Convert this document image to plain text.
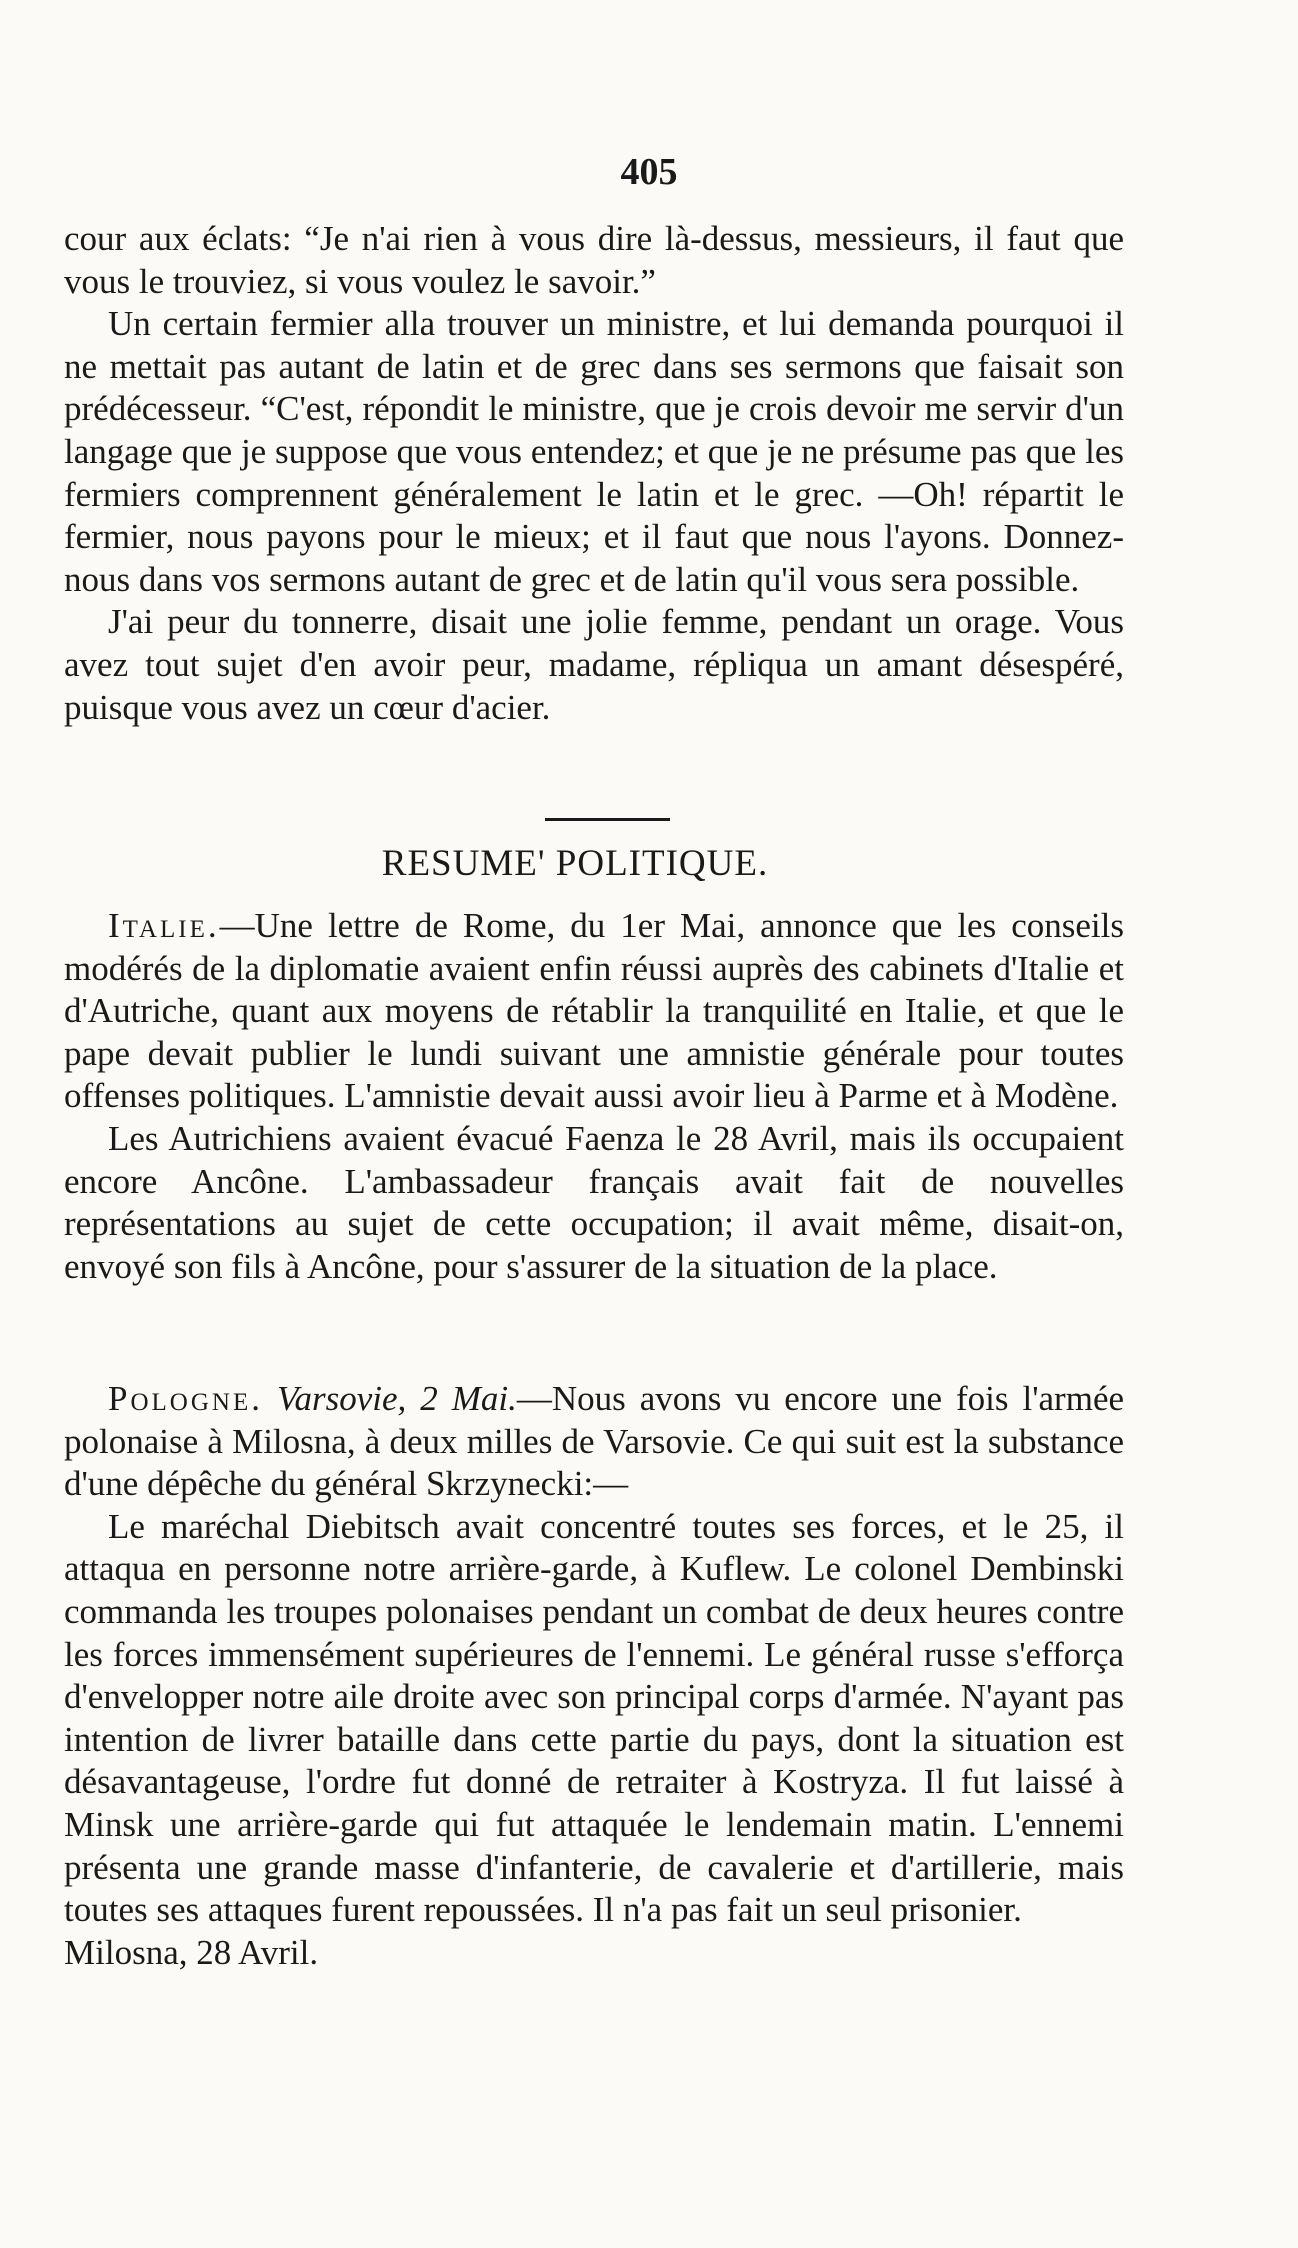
405

cour aux éclats: “Je n'ai rien à vous dire là-dessus, messieurs, il faut que vous le trouviez, si vous voulez le savoir.”

Un certain fermier alla trouver un ministre, et lui demanda pourquoi il ne mettait pas autant de latin et de grec dans ses sermons que faisait son prédécesseur. “C'est, répondit le ministre, que je crois devoir me servir d'un langage que je suppose que vous entendez; et que je ne présume pas que les fermiers comprennent généralement le latin et le grec. —Oh! répartit le fermier, nous payons pour le mieux; et il faut que nous l'ayons. Donnez-nous dans vos sermons autant de grec et de latin qu'il vous sera possible.

J'ai peur du tonnerre, disait une jolie femme, pendant un orage. Vous avez tout sujet d'en avoir peur, madame, répliqua un amant désespéré, puisque vous avez un cœur d'acier.

RESUME' POLITIQUE.

Italie.—Une lettre de Rome, du 1er Mai, annonce que les conseils modérés de la diplomatie avaient enfin réussi auprès des cabinets d'Italie et d'Autriche, quant aux moyens de rétablir la tranquilité en Italie, et que le pape devait publier le lundi suivant une amnistie générale pour toutes offenses politiques. L'amnistie devait aussi avoir lieu à Parme et à Modène.

Les Autrichiens avaient évacué Faenza le 28 Avril, mais ils occupaient encore Ancône. L'ambassadeur français avait fait de nouvelles représentations au sujet de cette occupation; il avait même, disait-on, envoyé son fils à Ancône, pour s'assurer de la situation de la place.

Pologne. Varsovie, 2 Mai.—Nous avons vu encore une fois l'armée polonaise à Milosna, à deux milles de Varsovie. Ce qui suit est la substance d'une dépêche du général Skrzynecki:—

Le maréchal Diebitsch avait concentré toutes ses forces, et le 25, il attaqua en personne notre arrière-garde, à Kuflew. Le colonel Dembinski commanda les troupes polonaises pendant un combat de deux heures contre les forces immensément supérieures de l'ennemi. Le général russe s'efforça d'envelopper notre aile droite avec son principal corps d'armée. N'ayant pas intention de livrer bataille dans cette partie du pays, dont la situation est désavantageuse, l'ordre fut donné de retraiter à Kostryza. Il fut laissé à Minsk une arrière-garde qui fut attaquée le lendemain matin. L'ennemi présenta une grande masse d'infanterie, de cavalerie et d'artillerie, mais toutes ses attaques furent repoussées. Il n'a pas fait un seul prisonier.

Milosna, 28 Avril.
